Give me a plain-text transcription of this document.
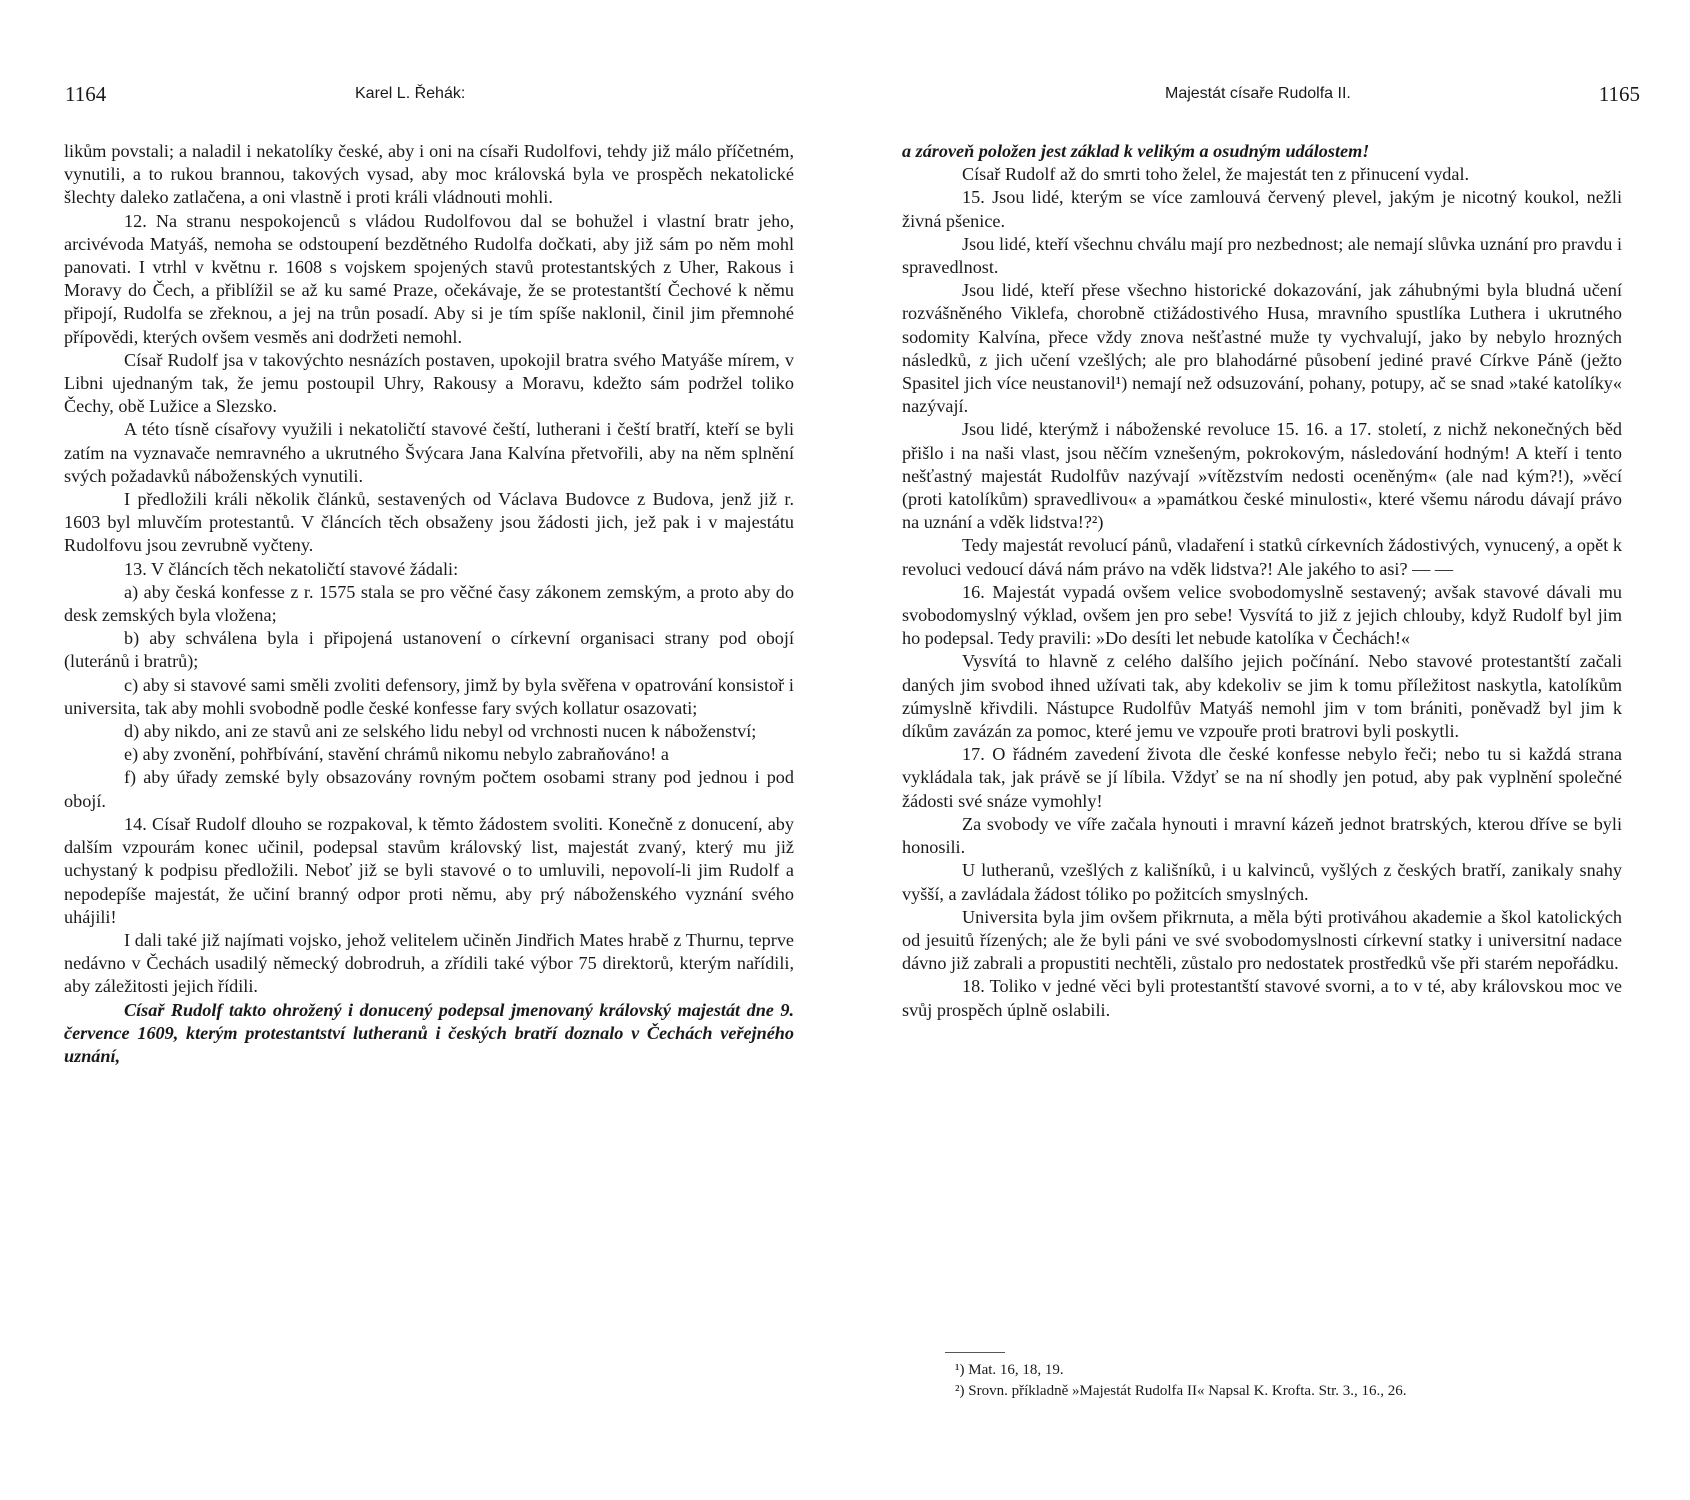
1164	Karel L. Řehák:

likům povstali; a naladil i nekatolíky české, aby i oni na císaři Rudolfovi, tehdy již málo příčetném, vynutili, a to rukou brannou, takových vysad, aby moc královská byla ve prospěch nekatolické šlechty daleko zatlačena, a oni vlastně i proti králi vládnouti mohli.

12. Na stranu nespokojenců s vládou Rudolfovou dal se bohužel i vlastní bratr jeho, arcivévoda Matyáš, nemoha se odstoupení bezdětného Rudolfa dočkati, aby již sám po něm mohl panovati. I vtrhl v květnu r. 1608 s vojskem spojených stavů protestantských z Uher, Rakous i Moravy do Čech, a přiblížil se až ku samé Praze, očekávaje, že se protestantští Čechové k němu připojí, Rudolfa se zřeknou, a jej na trůn posadí. Aby si je tím spíše naklonil, činil jim přemnohé přípovědi, kterých ovšem vesměs ani dodržeti nemohl.

Císař Rudolf jsa v takovýchto nesnázích postaven, upokojil bratra svého Matyáše mírem, v Libni ujednaným tak, že jemu postoupil Uhry, Rakousy a Moravu, kdežto sám podržel toliko Čechy, obě Lužice a Slezsko.

A této tísně císařovy využili i nekatoličtí stavové čeští, lutherani i čeští bratří, kteří se byli zatím na vyznavače nemravného a ukrutného Švýcara Jana Kalvína přetvořili, aby na něm splnění svých požadavků náboženských vynutili.

I předložili králi několik článků, sestavených od Václava Budovce z Budova, jenž již r. 1603 byl mluvčím protestantů. V článcích těch obsaženy jsou žádosti jich, jež pak i v majestátu Rudolfovu jsou zevrubně vyčteny.

13. V článcích těch nekatoličtí stavové žádali:

a) aby česká konfesse z r. 1575 stala se pro věčné časy zákonem zemským, a proto aby do desk zemských byla vložena;

b) aby schválena byla i připojená ustanovení o církevní organisaci strany pod obojí (luteránů i bratrů);

c) aby si stavové sami směli zvoliti defensory, jimž by byla svěřena v opatrování konsistoř i universita, tak aby mohli svobodně podle české konfesse fary svých kollatur osazovati;

d) aby nikdo, ani ze stavů ani ze selského lidu nebyl od vrchnosti nucen k náboženství;

e) aby zvonění, pohřbívání, stavění chrámů nikomu nebylo zabraňováno! a

f) aby úřady zemské byly obsazovány rovným počtem osobami strany pod jednou i pod obojí.

14. Císař Rudolf dlouho se rozpakoval, k těmto žádostem svoliti. Konečně z donucení, aby dalším vzpourám konec učinil, podepsal stavům královský list, majestát zvaný, který mu již uchystaný k podpisu předložili. Neboť již se byli stavové o to umluvili, nepovolí-li jim Rudolf a nepodepíše majestát, že učiní branný odpor proti němu, aby prý náboženského vyznání svého uhájili!

I dali také již najímati vojsko, jehož velitelem učiněn Jindřich Mates hrabě z Thurnu, teprve nedávno v Čechách usadilý německý dobrodruh, a zřídili také výbor 75 direktorů, kterým nařídili, aby záležitosti jejich řídili.

Císař Rudolf takto ohrožený i donucený podepsal jmenovaný královský majestát dne 9. července 1609, kterým protestantství lutheranů i českých bratří doznalo v Čechách veřejného uznání,

Majestát císaře Rudolfa II.	1165

a zároveň položen jest základ k velikým a osudným událostem!

Císař Rudolf až do smrti toho želel, že majestát ten z přinucení vydal.

15. Jsou lidé, kterým se více zamlouvá červený plevel, jakým je nicotný koukol, nežli živná pšenice.

Jsou lidé, kteří všechnu chválu mají pro nezbednost; ale nemají slůvka uznání pro pravdu i spravedlnost.

Jsou lidé, kteří přese všechno historické dokazování, jak záhubnými byla bludná učení rozvášněného Viklefa, chorobně ctižádostivého Husa, mravního spustlíka Luthera i ukrutného sodomity Kalvína, přece vždy znova nešťastné muže ty vychvalují, jako by nebylo hrozných následků, z jich učení vzešlých; ale pro blahodárné působení jediné pravé Církve Páně (ježto Spasitel jich více neustanovil¹) nemají než odsuzování, pohany, potupy, ač se snad »také katolíky« nazývají.

Jsou lidé, kterýmž i náboženské revoluce 15. 16. a 17. století, z nichž nekonečných běd přišlo i na naši vlast, jsou něčím vznešeným, pokrokovým, následování hodným! A kteří i tento nešťastný majestát Rudolfův nazývají »vítězstvím nedosti oceněným« (ale nad kým?!), »věcí (proti katolíkům) spravedlivou« a »památkou české minulosti«, které všemu národu dávají právo na uznání a vděk lidstva!?²)

Tedy majestát revolucí pánů, vladaření i statků církevních žádostivých, vynucený, a opět k revoluci vedoucí dává nám právo na vděk lidstva?! Ale jakého to asi? — —

16. Majestát vypadá ovšem velice svobodomyslně sestavený; avšak stavové dávali mu svobodomyslný výklad, ovšem jen pro sebe! Vysvítá to již z jejich chlouby, když Rudolf byl jim ho podepsal. Tedy pravili: »Do desíti let nebude katolíka v Čechách!«

Vysvítá to hlavně z celého dalšího jejich počínání. Nebo stavové protestantští začali daných jim svobod ihned užívati tak, aby kdekoliv se jim k tomu příležitost naskytla, katolíkům zúmyslně křivdili. Nástupce Rudolfův Matyáš nemohl jim v tom brániti, poněvadž byl jim k díkům zavázán za pomoc, které jemu ve vzpouře proti bratrovi byli poskytli.

17. O řádném zavedení života dle české konfesse nebylo řeči; nebo tu si každá strana vykládala tak, jak právě se jí líbila. Vždyť se na ní shodly jen potud, aby pak vyplnění společné žádosti své snáze vymohly!

Za svobody ve víře začala hynouti i mravní kázeň jednot bratrských, kterou dříve se byli honosili.

U lutheranů, vzešlých z kališníků, i u kalvinců, vyšlých z českých bratří, zanikaly snahy vyšší, a zavládala žádost tóliko po požitcích smyslných.

Universita byla jim ovšem přikrnuta, a měla býti protiváhou akademie a škol katolických od jesuitů řízených; ale že byli páni ve své svobodomyslnosti církevní statky i universitní nadace dávno již zabrali a propustiti nechtěli, zůstalo pro nedostatek prostředků vše při starém nepořádku.

18. Toliko v jedné věci byli protestantští stavové svorni, a to v té, aby královskou moc ve svůj prospěch úplně oslabili.

¹) Mat. 16, 18, 19.

²) Srovn. příkladně »Majestát Rudolfa II« Napsal K. Krofta. Str. 3., 16., 26.
